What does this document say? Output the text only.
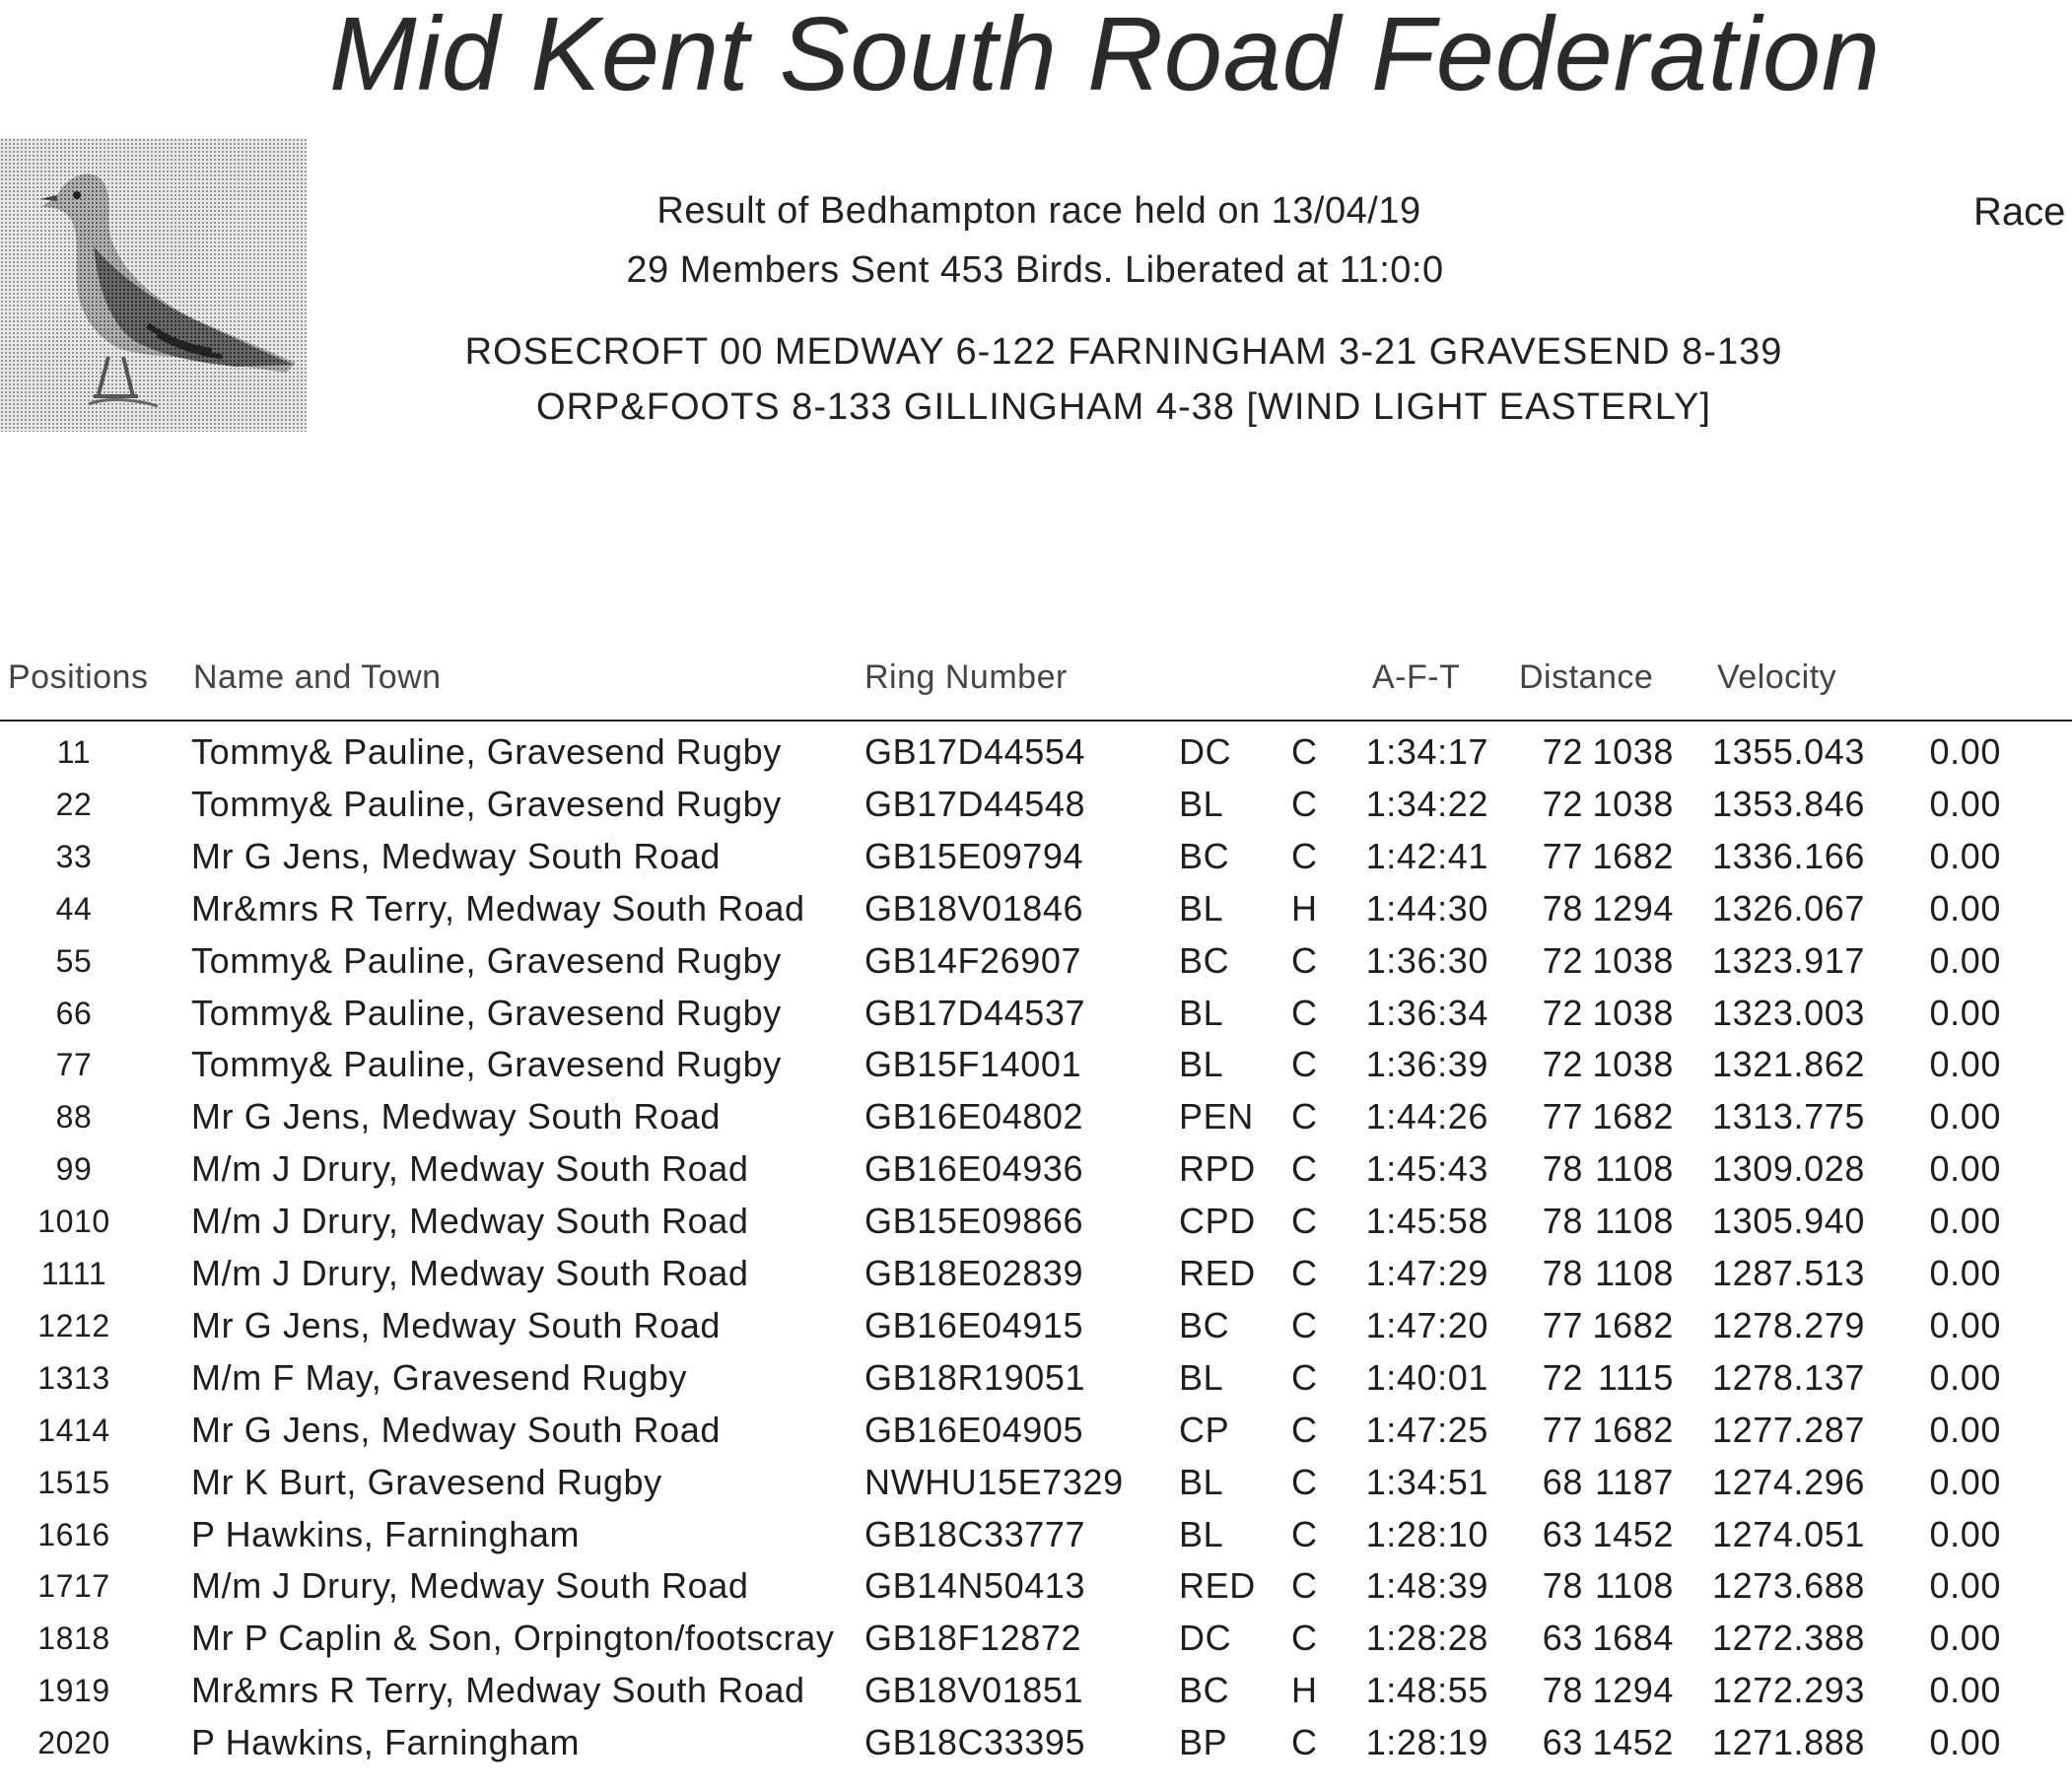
Mid Kent South Road Federation
Race
Result of Bedhampton race held on 13/04/19
29 Members Sent 453 Birds. Liberated at 11:0:0
ROSECROFT 00 MEDWAY 6-122 FARNINGHAM 3-21 GRAVESEND 8-139
ORP&FOOTS 8-133 GILLINGHAM 4-38 [WIND LIGHT EASTERLY]
Positions Name and Town	Ring Number	A-F-T Distance Velocity
11	Tommy& Pauline, Gravesend Rugby GB17D44554	DC C	1:34:17	72 1038 1355.043	0.00
22	Tommy& Pauline, Gravesend Rugby GB17D44548	BL C	1:34:22	72 1038 1353.846	0.00
33	Mr G Jens, Medway South Road	GB15E09794	BC C	1:42:41	77 1682 1336.166	0.00
44	Mr&mrs R Terry, Medway South Road GB18V01846	BL H	1:44:30	78 1294 1326.067	0.00
55	Tommy& Pauline, Gravesend Rugby GB14F26907	BC C	1:36:30	72 1038 1323.917	0.00
66	Tommy& Pauline, Gravesend Rugby GB17D44537	BL C	1:36:34	72 1038 1323.003	0.00
77	Tommy& Pauline, Gravesend Rugby GB15F14001	BL C	1:36:39	72 1038 1321.862	0.00
88	Mr G Jens, Medway South Road	GB16E04802	PEN C	1:44:26	77 1682 1313.775	0.00
99	M/m J Drury, Medway South Road	GB16E04936	RPD C	1:45:43	78 1108 1309.028	0.00
1010	M/m J Drury, Medway South Road	GB15E09866	CPD C	1:45:58	78 1108 1305.940	0.00
1111	M/m J Drury, Medway South Road	GB18E02839	RED C	1:47:29	78 1108 1287.513	0.00
1212	Mr G Jens, Medway South Road	GB16E04915	BC C	1:47:20	77 1682 1278.279	0.00
1313	M/m F May, Gravesend Rugby	GB18R19051	BL C	1:40:01	72 1115 1278.137	0.00
1414	Mr G Jens, Medway South Road	GB16E04905	CP C	1:47:25	77 1682 1277.287	0.00
1515	Mr K Burt, Gravesend Rugby	NWHU15E7329 BL C	1:34:51	68 1187 1274.296	0.00
1616	P Hawkins, Farningham	GB18C33777	BL C	1:28:10	63 1452 1274.051	0.00
1717	M/m J Drury, Medway South Road	GB14N50413	RED C	1:48:39	78 1108 1273.688	0.00
1818	Mr P Caplin & Son, Orpington/footscray GB18F12872	DC C	1:28:28	63 1684 1272.388	0.00
1919	Mr&mrs R Terry, Medway South Road GB18V01851	BC H	1:48:55	78 1294 1272.293	0.00
2020	P Hawkins, Farningham	GB18C33395	BP C	1:28:19	63 1452 1271.888	0.00
